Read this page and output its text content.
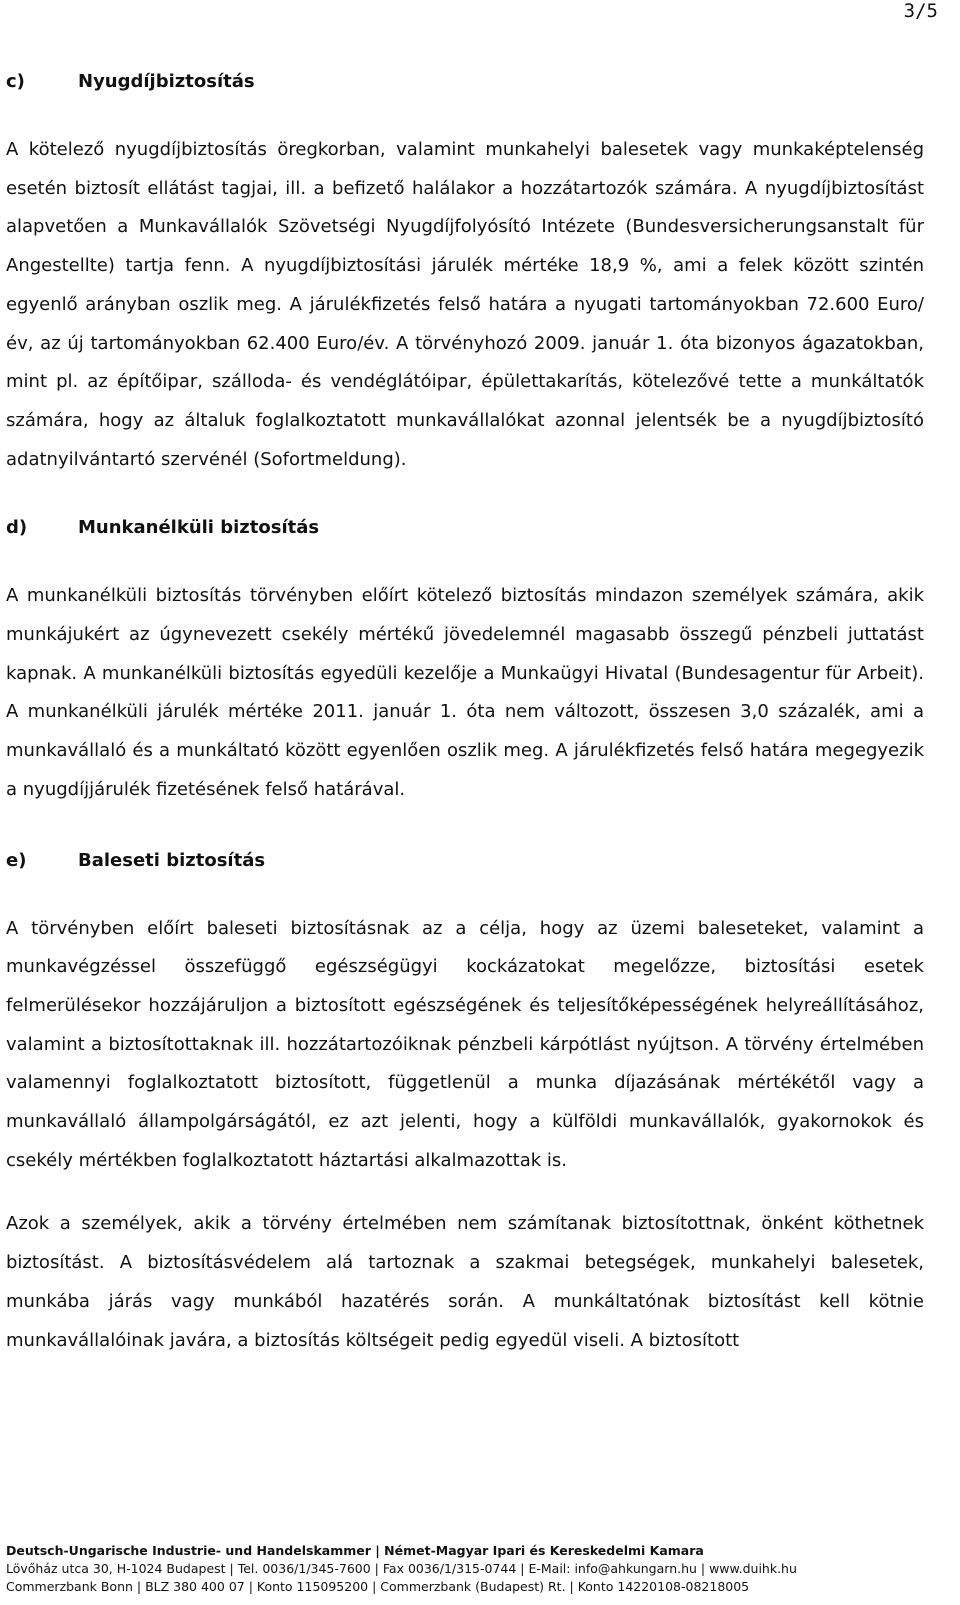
3/5
c)	Nyugdíjbiztosítás

A kötelező nyugdíjbiztosítás öregkorban, valamint munkahelyi balesetek vagy munkaképtelenség esetén biztosít ellátást tagjai, ill. a befizető halálakor a hozzátartozók számára. A nyugdíjbiztosítást alapvetően a Munkavállalók Szövetségi Nyugdíjfolyósító Intézete (Bundesversicherungsanstalt für Angestellte) tartja fenn. A nyugdíjbiztosítási járulék mértéke 18,9 %, ami a felek között szintén egyenlő arányban oszlik meg. A járulékfizetés felső határa a nyugati tartományokban 72.600 Euro/év, az új tartományokban 62.400 Euro/év. A törvényhozó 2009. január 1. óta bizonyos ágazatokban, mint pl. az építőipar, szálloda- és vendéglátóipar, épülettakarítás, kötelezővé tette a munkáltatók számára, hogy az általuk foglalkoztatott munkavállalókat azonnal jelentsék be a nyugdíjbiztosító adatnyilvántartó szervénél (Sofortmeldung).

d)	Munkanélküli biztosítás

A munkanélküli biztosítás törvényben előírt kötelező biztosítás mindazon személyek számára, akik munkájukért az úgynevezett csekély mértékű jövedelemnél magasabb összegű pénzbeli juttatást kapnak. A munkanélküli biztosítás egyedüli kezelője a Munkaügyi Hivatal (Bundesagentur für Arbeit). A munkanélküli járulék mértéke 2011. január 1. óta nem változott, összesen 3,0 százalék, ami a munkavállaló és a munkáltató között egyenlően oszlik meg. A járulékfizetés felső határa megegyezik a nyugdíjjárulék fizetésének felső határával.

e)	Baleseti biztosítás

A törvényben előírt baleseti biztosításnak az a célja, hogy az üzemi baleseteket, valamint a munkavégzéssel összefüggő egészségügyi kockázatokat megelőzze, biztosítási esetek felmerülésekor hozzájáruljon a biztosított egészségének és teljesítőképességének helyreállításához, valamint a biztosítottaknak ill. hozzátartozóiknak pénzbeli kárpótlást nyújtson. A törvény értelmében valamennyi foglalkoztatott biztosított, függetlenül a munka díjazásának mértékétől vagy a munkavállaló állampolgárságától, ez azt jelenti, hogy a külföldi munkavállalók, gyakornokok és csekély mértékben foglalkoztatott háztartási alkalmazottak is.

Azok a személyek, akik a törvény értelmében nem számítanak biztosítottnak, önként köthetnek biztosítást. A biztosításvédelem alá tartoznak a szakmai betegségek, munkahelyi balesetek, munkába járás vagy munkából hazatérés során. A munkáltatónak biztosítást kell kötnie munkavállalóinak javára, a biztosítás költségeit pedig egyedül viseli. A biztosított

Deutsch-Ungarische Industrie- und Handelskammer | Német-Magyar Ipari és Kereskedelmi Kamara
Lövőház utca 30, H-1024 Budapest | Tel. 0036/1/345-7600 | Fax 0036/1/315-0744 | E-Mail: info@ahkungarn.hu | www.duihk.hu
Commerzbank Bonn | BLZ 380 400 07 | Konto 115095200 | Commerzbank (Budapest) Rt. | Konto 14220108-08218005
